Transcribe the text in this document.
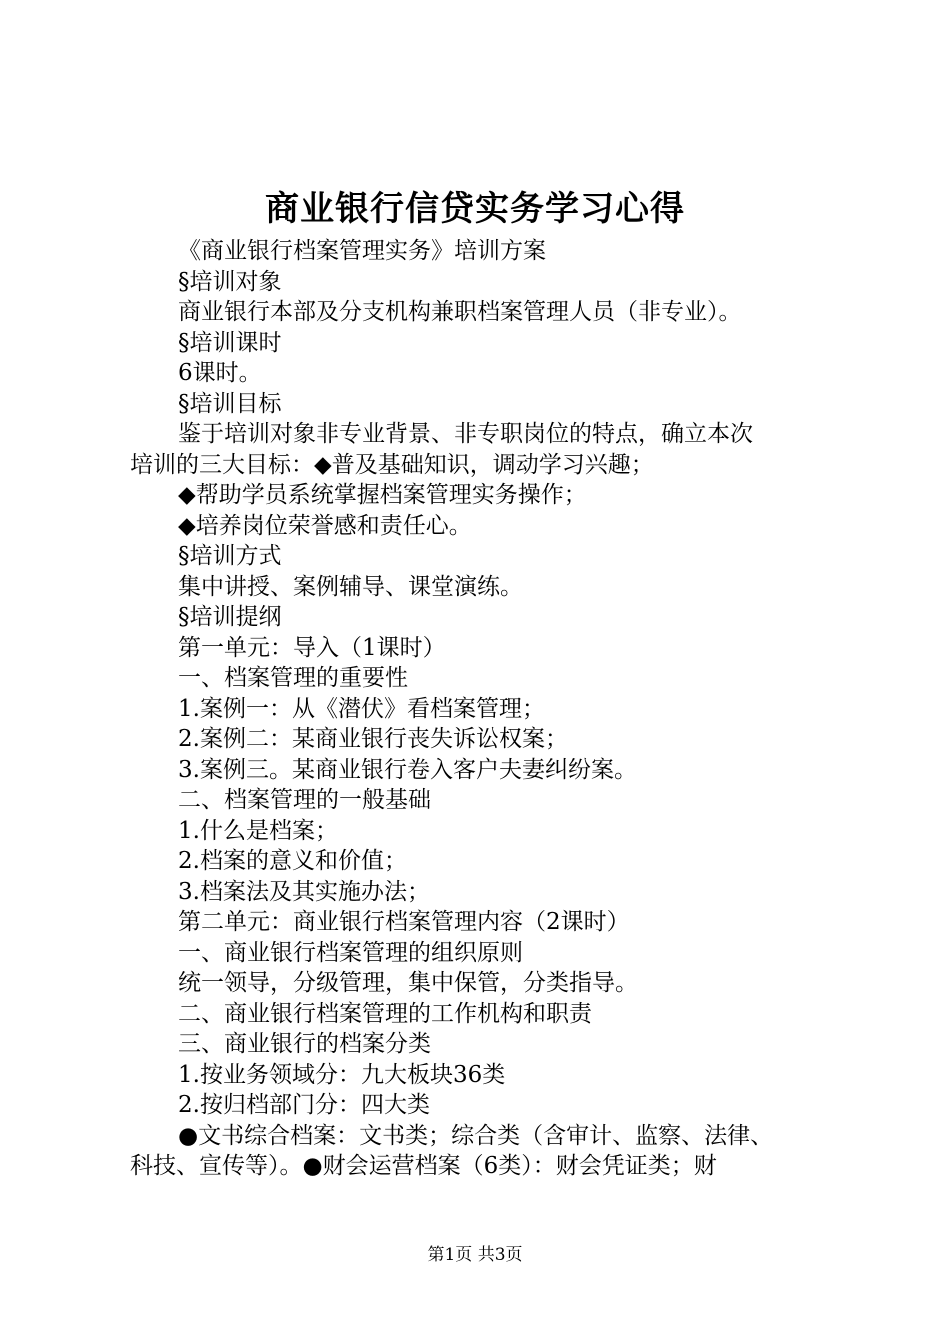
商业银行信贷实务学习心得
《商业银行档案管理实务》培训方案
§培训对象
商业银行本部及分支机构兼职档案管理人员（非专业）。
§培训课时
6课时。
§培训目标
鉴于培训对象非专业背景、非专职岗位的特点，确立本次
培训的三大目标：◆普及基础知识，调动学习兴趣；
◆帮助学员系统掌握档案管理实务操作；
◆培养岗位荣誉感和责任心。
§培训方式
集中讲授、案例辅导、课堂演练。
§培训提纲
第一单元：导入（1课时）
一、档案管理的重要性
1.案例一：从《潜伏》看档案管理；
2.案例二：某商业银行丧失诉讼权案；
3.案例三。某商业银行卷入客户夫妻纠纷案。
二、档案管理的一般基础
1.什么是档案；
2.档案的意义和价值；
3.档案法及其实施办法；
第二单元：商业银行档案管理内容（2课时）
一、商业银行档案管理的组织原则
统一领导，分级管理，集中保管，分类指导。
二、商业银行档案管理的工作机构和职责
三、商业银行的档案分类
1.按业务领域分：九大板块36类
2.按归档部门分：四大类
●文书综合档案：文书类；综合类（含审计、监察、法律、
科技、宣传等）。●财会运营档案（6类）：财会凭证类；财
第1页 共3页
